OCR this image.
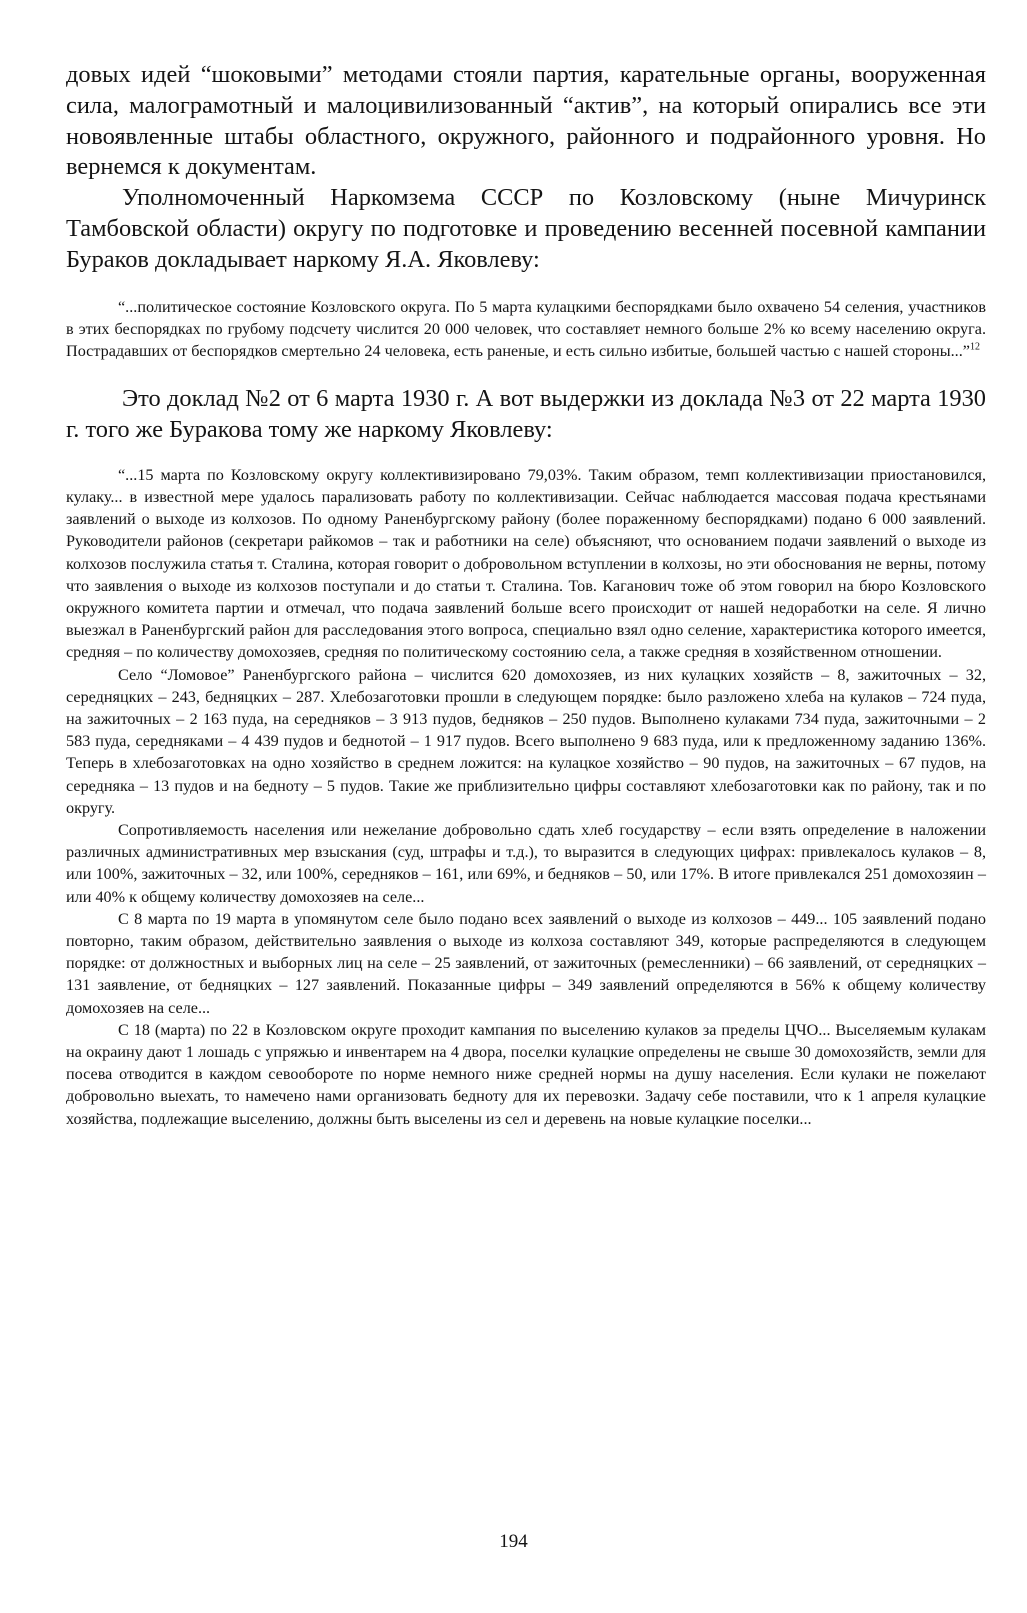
довых идей “шоковыми” методами стояли партия, карательные органы, вооруженная сила, малограмотный и малоцивилизованный “актив”, на который опирались все эти новоявленные штабы областного, окружного, районного и подрайонного уровня. Но вернемся к документам.

Уполномоченный Наркомзема СССР по Козловскому (ныне Мичуринск Тамбовской области) округу по подготовке и проведению весенней посевной кампании Бураков докладывает наркому Я.А. Яковлеву:

“...политическое состояние Козловского округа. По 5 марта кулацкими беспорядками было охвачено 54 селения, участников в этих беспорядках по грубому подсчету числится 20 000 человек, что составляет немного больше 2% ко всему населению округа. Пострадавших от беспорядков смертельно 24 человека, есть раненые, и есть сильно избитые, большей частью с нашей стороны...”$^{12}$

Это доклад №2 от 6 марта 1930 г. А вот выдержки из доклада №3 от 22 марта 1930 г. того же Буракова тому же наркому Яковлеву:

“...15 марта по Козловскому округу коллективизировано 79,03%. Таким образом, темп коллективизации приостановился, кулаку... в известной мере удалось парализовать работу по коллективизации. Сейчас наблюдается массовая подача крестьянами заявлений о выходе из колхозов. По одному Раненбургскому району (более пораженному беспорядками) подано 6 000 заявлений. Руководители районов (секретари райкомов – так и работники на селе) объясняют, что основанием подачи заявлений о выходе из колхозов послужила статья т. Сталина, которая говорит о добровольном вступлении в колхозы, но эти обоснования не верны, потому что заявления о выходе из колхозов поступали и до статьи т. Сталина. Тов. Каганович тоже об этом говорил на бюро Козловского окружного комитета партии и отмечал, что подача заявлений больше всего происходит от нашей недоработки на селе. Я лично выезжал в Раненбургский район для расследования этого вопроса, специально взял одно селение, характеристика которого имеется, средняя – по количеству домохозяев, средняя по политическому состоянию села, а также средняя в хозяйственном отношении.

Село “Ломовое” Раненбургского района – числится 620 домохозяев, из них кулацких хозяйств – 8, зажиточных – 32, середняцких – 243, бедняцких – 287. Хлебозаготовки прошли в следующем порядке: было разложено хлеба на кулаков – 724 пуда, на зажиточных – 2 163 пуда, на середняков – 3 913 пудов, бедняков – 250 пудов. Выполнено кулаками 734 пуда, зажиточными – 2 583 пуда, середняками – 4 439 пудов и беднотой – 1 917 пудов. Всего выполнено 9 683 пуда, или к предложенному заданию 136%. Теперь в хлебозаготовках на одно хозяйство в среднем ложится: на кулацкое хозяйство – 90 пудов, на зажиточных – 67 пудов, на середняка – 13 пудов и на бедноту – 5 пудов. Такие же приблизительно цифры составляют хлебозаготовки как по району, так и по округу.

Сопротивляемость населения или нежелание добровольно сдать хлеб государству – если взять определение в наложении различных административных мер взыскания (суд, штрафы и т.д.), то выразится в следующих цифрах: привлекалось кулаков – 8, или 100%, зажиточных – 32, или 100%, середняков – 161, или 69%, и бедняков – 50, или 17%. В итоге привлекался 251 домохозяин – или 40% к общему количеству домохозяев на селе...

С 8 марта по 19 марта в упомянутом селе было подано всех заявлений о выходе из колхозов – 449... 105 заявлений подано повторно, таким образом, действительно заявления о выходе из колхоза составляют 349, которые распределяются в следующем порядке: от должностных и выборных лиц на селе – 25 заявлений, от зажиточных (ремесленники) – 66 заявлений, от середняцких – 131 заявление, от бедняцких – 127 заявлений. Показанные цифры – 349 заявлений определяются в 56% к общему количеству домохозяев на селе...

С 18 (марта) по 22 в Козловском округе проходит кампания по выселению кулаков за пределы ЦЧО... Выселяемым кулакам на окраину дают 1 лошадь с упряжью и инвентарем на 4 двора, поселки кулацкие определены не свыше 30 домохозяйств, земли для посева отводится в каждом севообороте по норме немного ниже средней нормы на душу населения. Если кулаки не пожелают добровольно выехать, то намечено нами организовать бедноту для их перевозки. Задачу себе поставили, что к 1 апреля кулацкие хозяйства, подлежащие выселению, должны быть выселены из сел и деревень на новые кулацкие поселки...

194
